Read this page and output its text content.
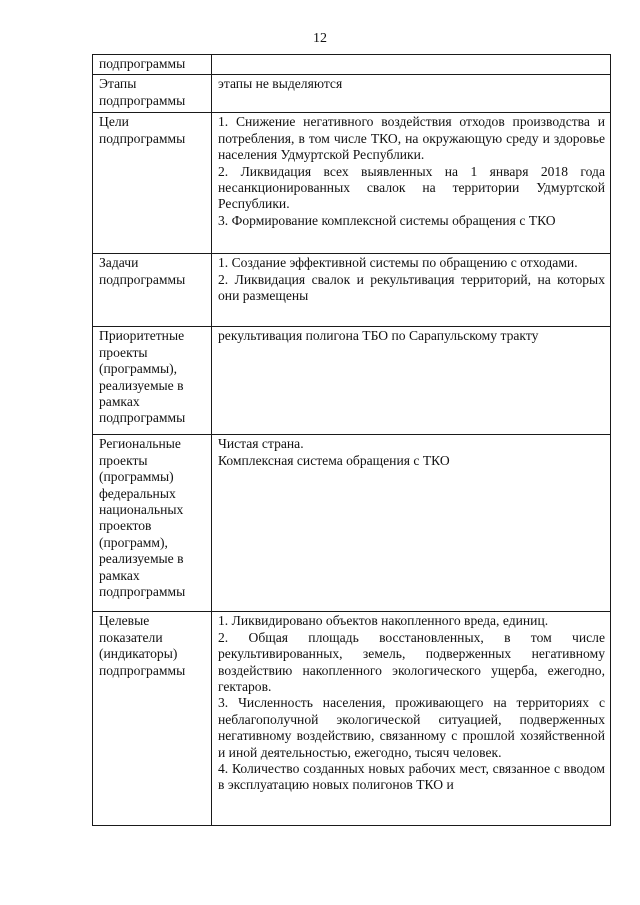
12
подпрограммы	

Этапы подпрограммы	этапы не выделяются

Цели подпрограммы	1. Снижение негативного воздействия отходов производства и потребления, в том числе ТКО, на окружающую среду и здоровье населения Удмуртской Республики.
2. Ликвидация всех выявленных на 1 января 2018 года несанкционированных свалок на территории Удмуртской Республики.
3. Формирование комплексной системы обращения с ТКО

Задачи подпрограммы	1. Создание эффективной системы по обращению с отходами.
2. Ликвидация свалок и рекультивация территорий, на которых они размещены

Приоритетные проекты (программы), реализуемые в рамках подпрограммы	рекультивация полигона ТБО по Сарапульскому тракту

Региональные проекты (программы) федеральных национальных проектов (программ), реализуемые в рамках подпрограммы	Чистая страна.
Комплексная система обращения с ТКО

Целевые показатели (индикаторы) подпрограммы	1. Ликвидировано объектов накопленного вреда, единиц.
2. Общая площадь восстановленных, в том числе рекультивированных, земель, подверженных негативному воздействию накопленного экологического ущерба, ежегодно, гектаров.
3. Численность населения, проживающего на территориях с неблагополучной экологической ситуацией, подверженных негативному воздействию, связанному с прошлой хозяйственной и иной деятельностью, ежегодно, тысяч человек.
4. Количество созданных новых рабочих мест, связанное с вводом в эксплуатацию новых полигонов ТКО и
